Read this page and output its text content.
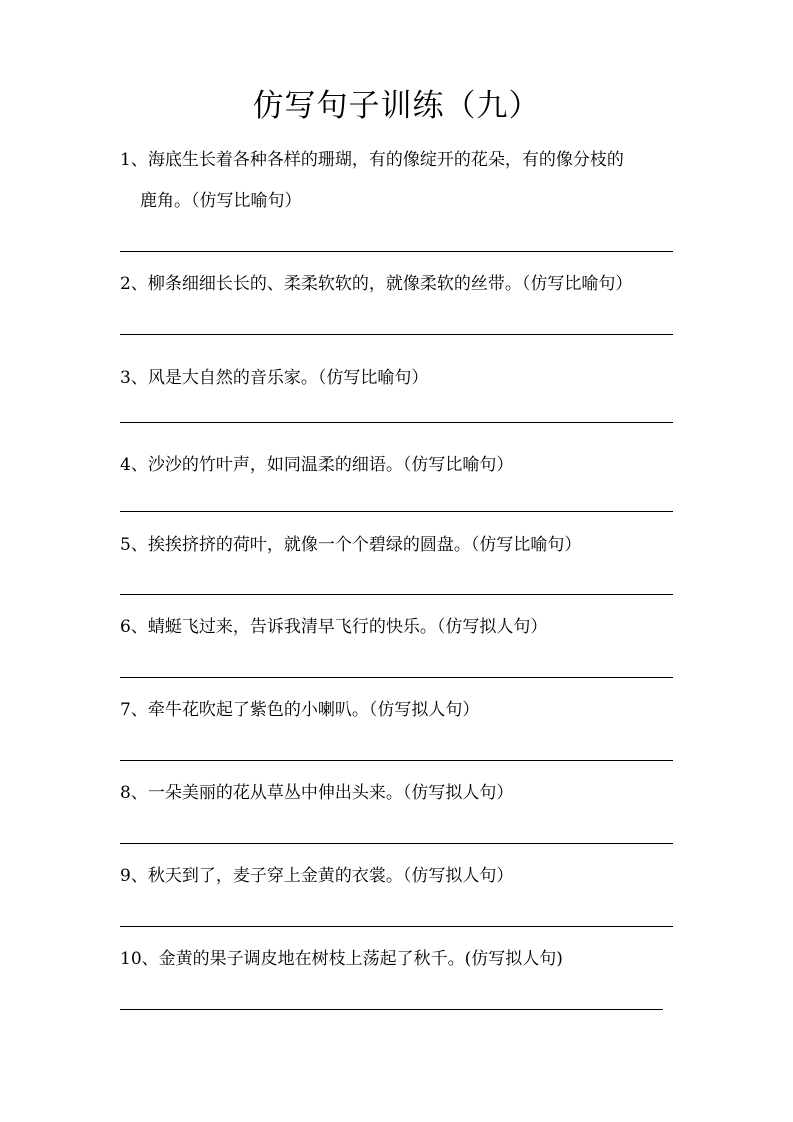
仿写句子训练（九）
1、海底生长着各种各样的珊瑚，有的像绽开的花朵，有的像分枝的
鹿角。（仿写比喻句）
2、柳条细细长长的、柔柔软软的，就像柔软的丝带。（仿写比喻句）
3、风是大自然的音乐家。（仿写比喻句）
4、沙沙的竹叶声，如同温柔的细语。（仿写比喻句）
5、挨挨挤挤的荷叶，就像一个个碧绿的圆盘。（仿写比喻句）
6、蜻蜓飞过来，告诉我清早飞行的快乐。（仿写拟人句）
7、牵牛花吹起了紫色的小喇叭。（仿写拟人句）
8、一朵美丽的花从草丛中伸出头来。（仿写拟人句）
9、秋天到了，麦子穿上金黄的衣裳。（仿写拟人句）
10、金黄的果子调皮地在树枝上荡起了秋千。(仿写拟人句)
